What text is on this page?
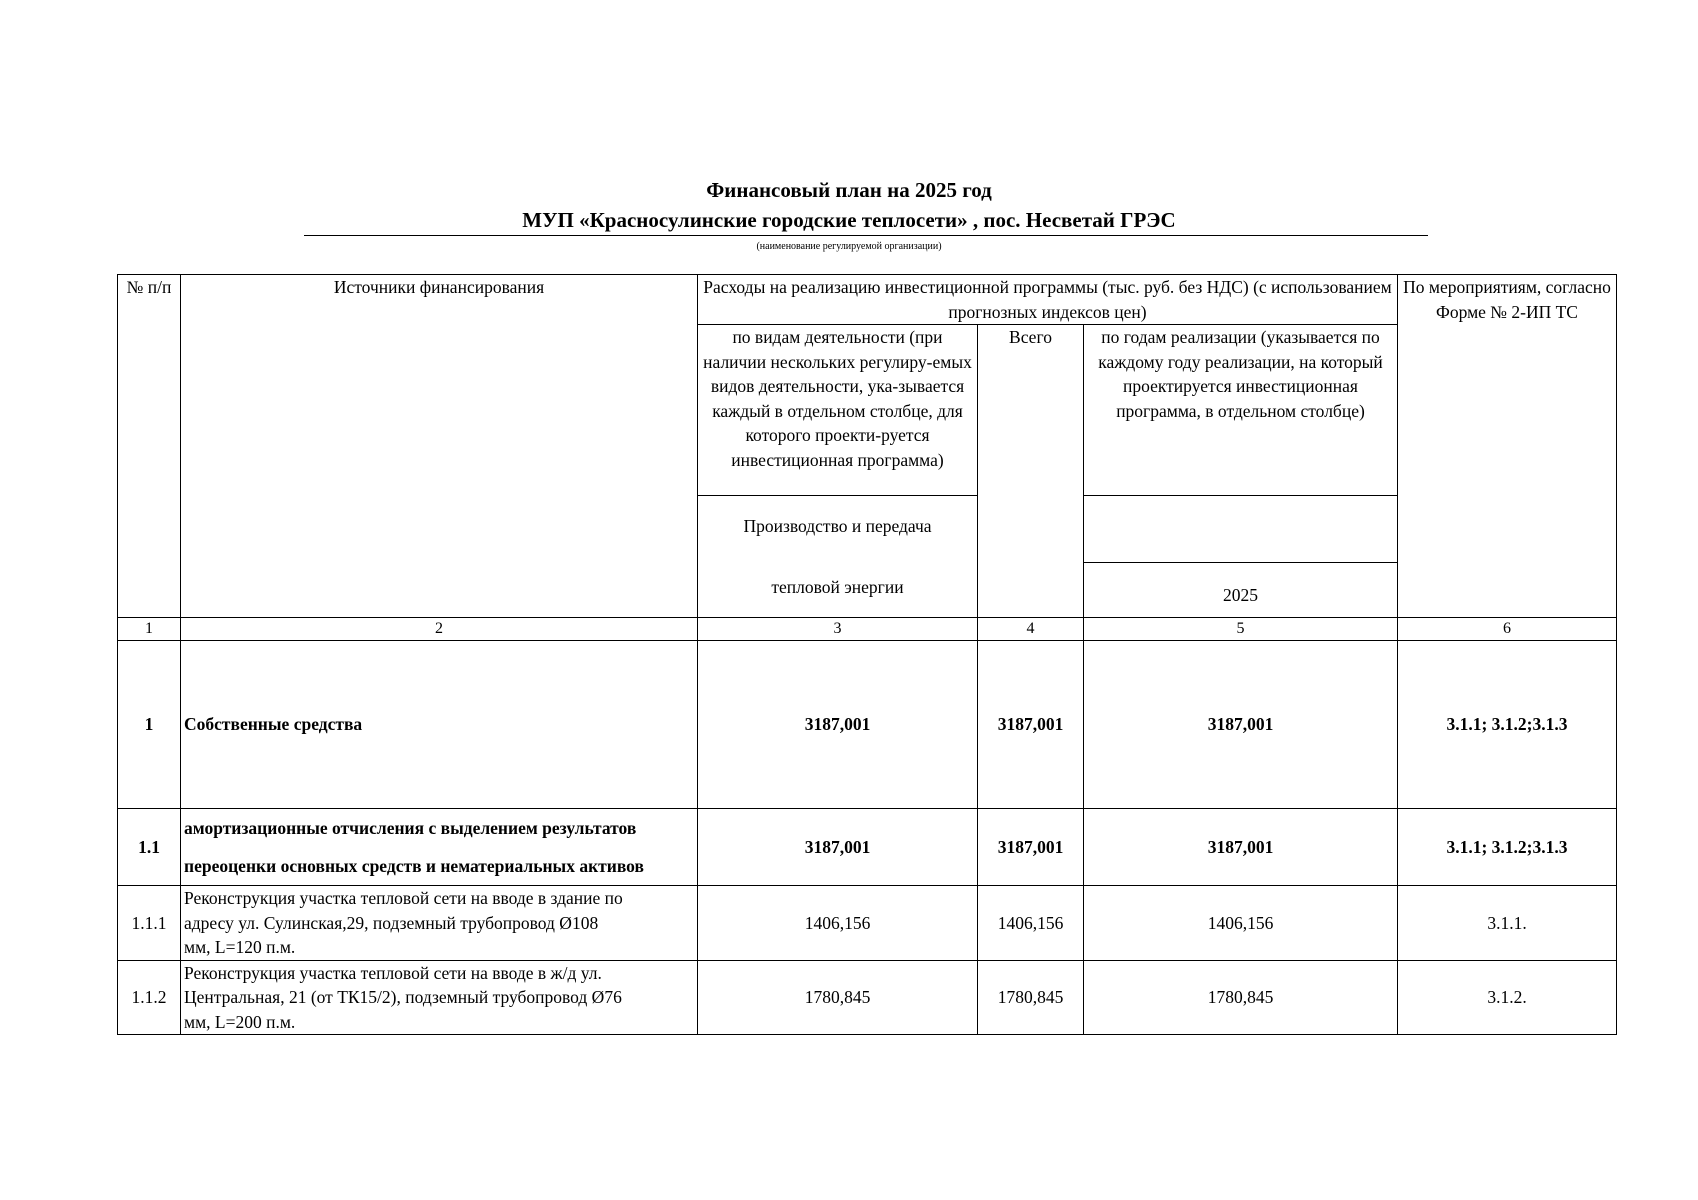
Финансовый план на 2025 год
МУП «Красносулинские городские теплосети» , пос. Несветай ГРЭС
(наименование регулируемой организации)
№ п/п	Источники финансирования	Расходы на реализацию инвестиционной программы (тыс. руб. без НДС) (с использованием прогнозных индексов цен)			По мероприятиям, согласно Форме № 2-ИП ТС
		по видам деятельности (при наличии нескольких регулиру-емых видов деятельности, ука-зывается каждый в отдельном столбце, для которого проекти-руется инвестиционная программа)	Всего	по годам реализации (указывается по каждому году реализации, на который проектируется инвестиционная программа, в отдельном столбце)	

		Производство и передача
тепловой энергии			

				2025	
1	2	3	4	5	6
1	Собственные средства	3187,001	3187,001	3187,001	3.1.1; 3.1.2;3.1.3
1.1	амортизационные отчисления с выделением результатов
переоценки основных средств и нематериальных активов	3187,001	3187,001	3187,001	3.1.1; 3.1.2;3.1.3
1.1.1	Реконструкция участка тепловой сети на вводе в здание по
адресу ул. Сулинская,29, подземный трубопровод Ø108
мм, L=120 п.м.	1406,156	1406,156	1406,156	3.1.1.
1.1.2	Реконструкция участка тепловой сети на вводе в ж/д ул.
Центральная, 21 (от ТК15/2), подземный трубопровод Ø76
мм, L=200 п.м.	1780,845	1780,845	1780,845	3.1.2.
